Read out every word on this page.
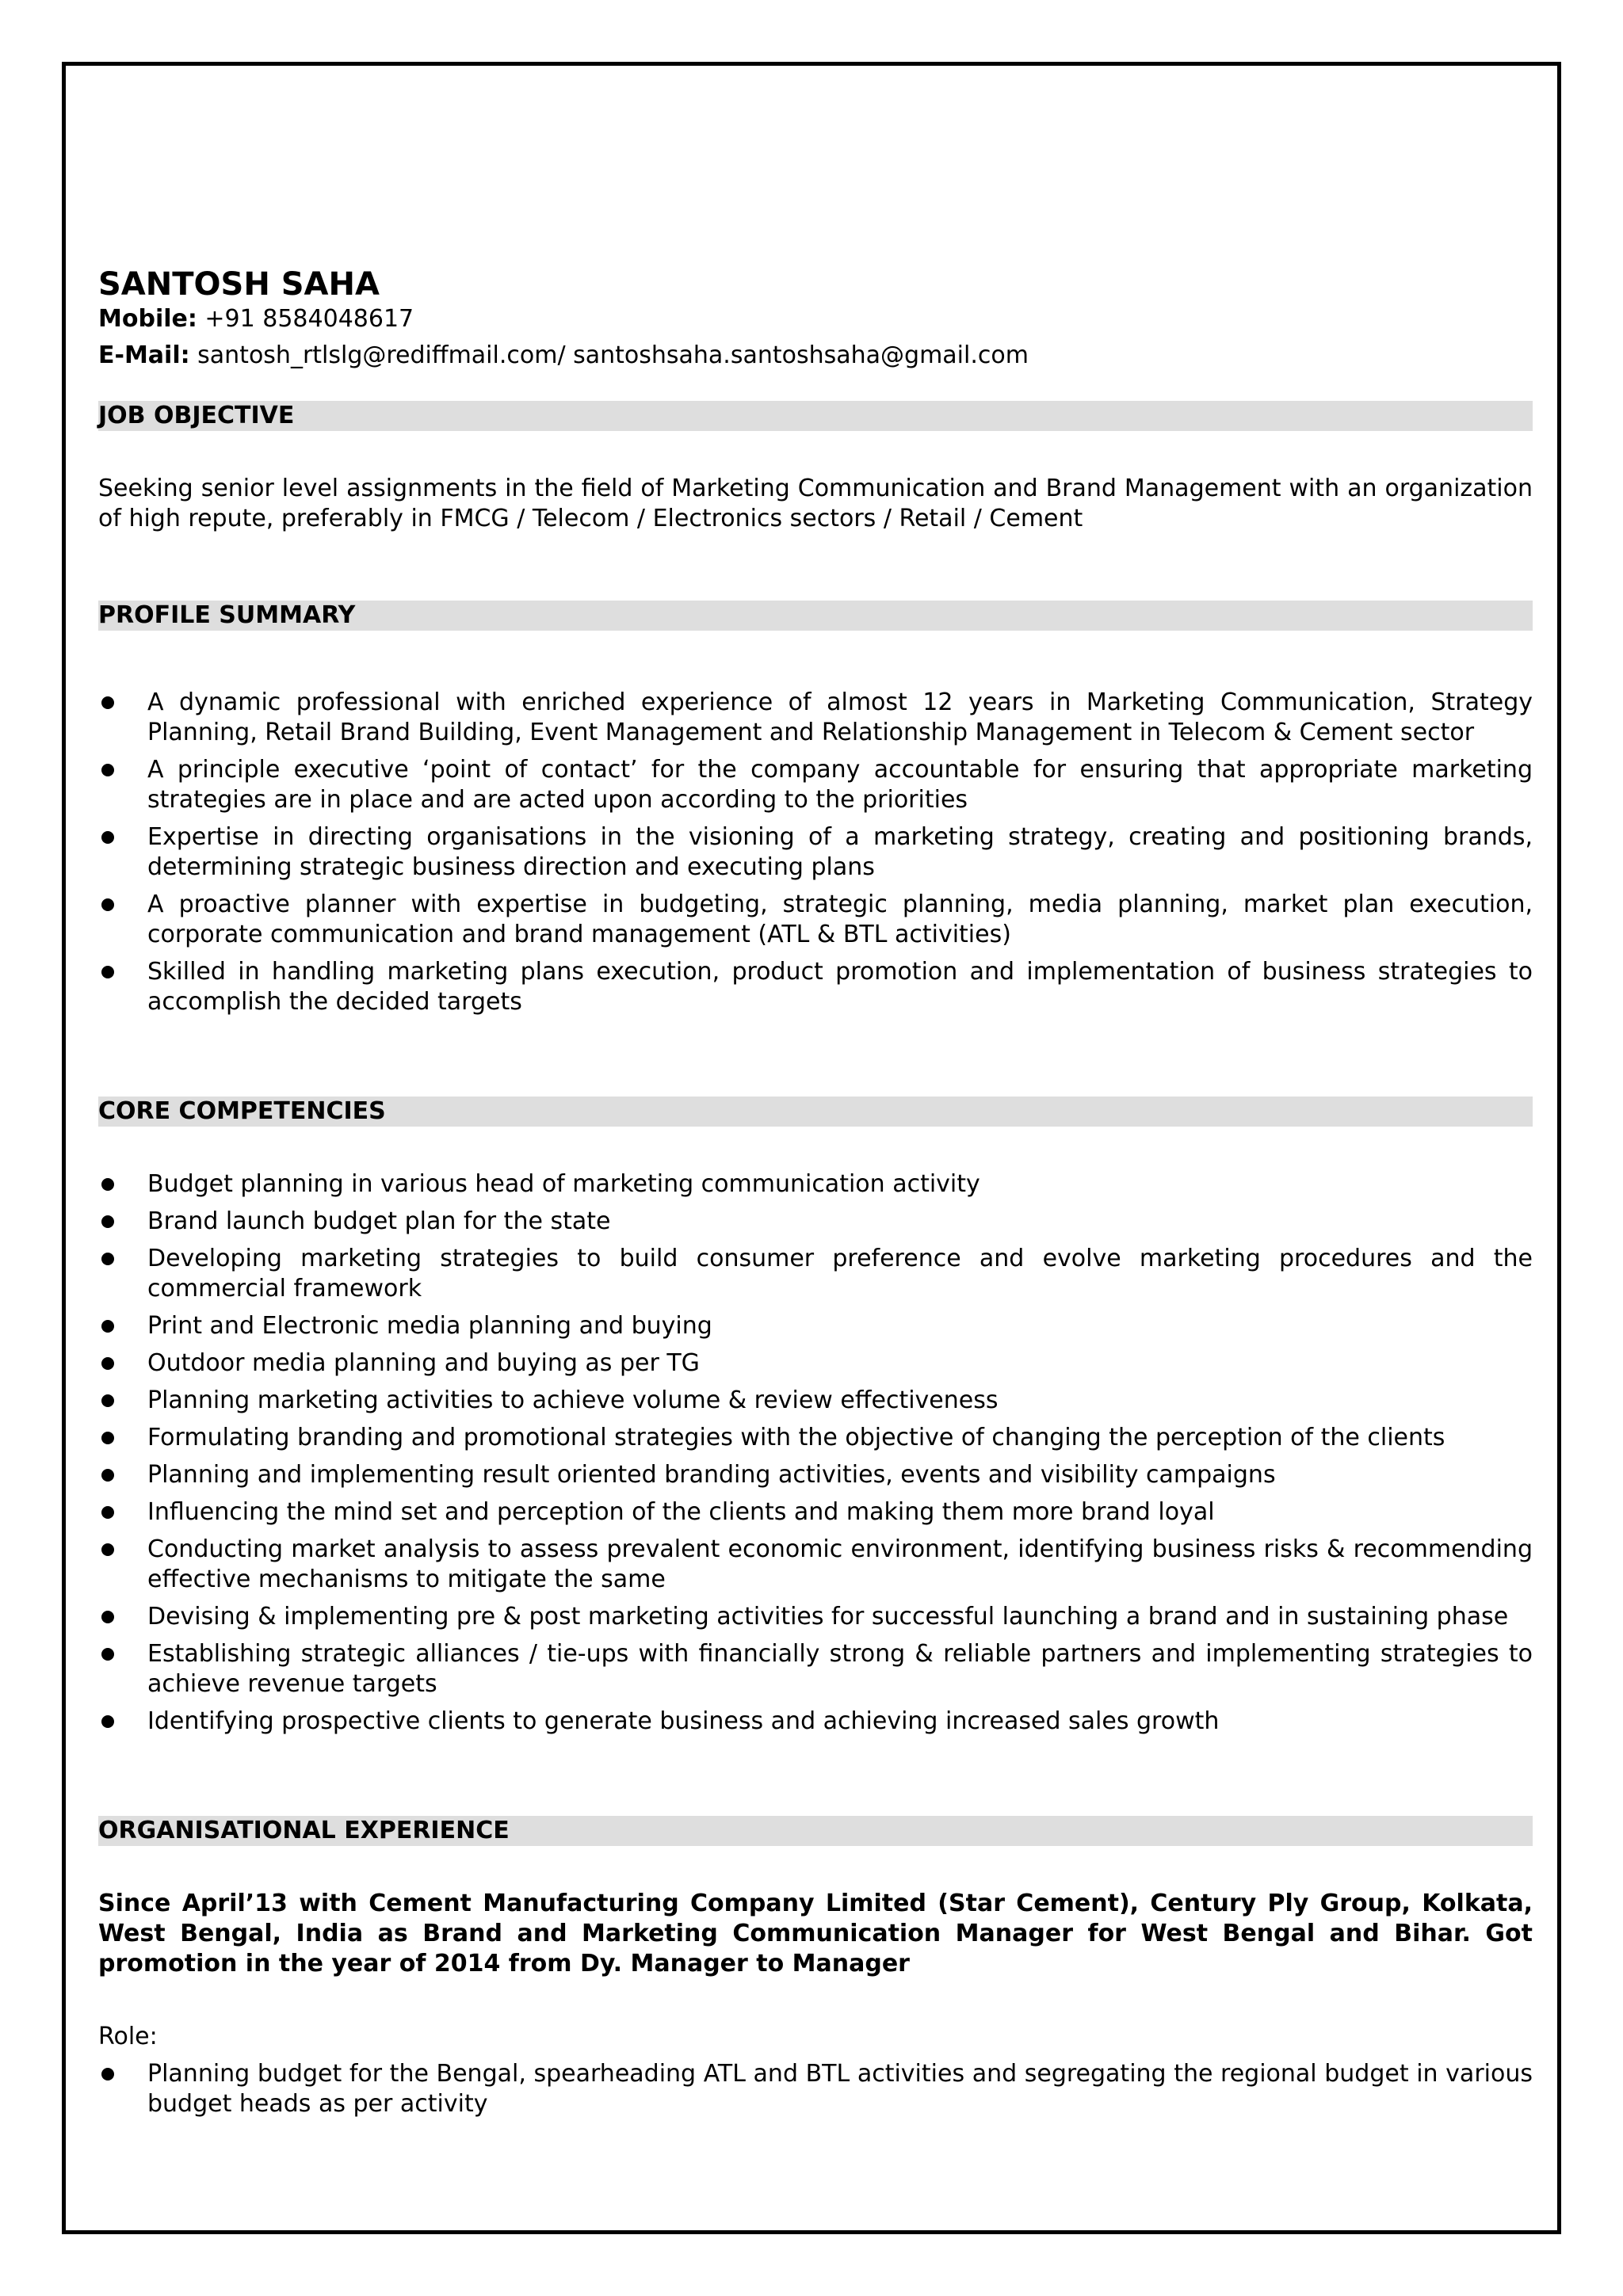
SANTOSH SAHA

Mobile: +91 8584048617

E-Mail: santosh_rtlslg@rediffmail.com/ santoshsaha.santoshsaha@gmail.com

JOB OBJECTIVE

Seeking senior level assignments in the field of Marketing Communication and Brand Management with an organization of high repute, preferably in FMCG / Telecom / Electronics sectors / Retail / Cement

PROFILE SUMMARY
A dynamic professional with enriched experience of almost 12 years in Marketing Communication, Strategy Planning, Retail Brand Building, Event Management and Relationship Management in Telecom & Cement sector
A principle executive ‘point of contact’ for the company accountable for ensuring that appropriate marketing strategies are in place and are acted upon according to the priorities
Expertise in directing organisations in the visioning of a marketing strategy, creating and positioning brands, determining strategic business direction and executing plans
A proactive planner with expertise in budgeting, strategic planning, media planning, market plan execution, corporate communication and brand management (ATL & BTL activities)
Skilled in handling marketing plans execution, product promotion and implementation of business strategies to accomplish the decided targets
CORE COMPETENCIES
Budget planning in various head of marketing communication activity
Brand launch budget plan for the state
Developing marketing strategies to build consumer preference and evolve marketing procedures and the commercial framework
Print and Electronic media planning and buying
Outdoor media planning and buying as per TG
Planning marketing activities to achieve volume & review effectiveness
Formulating branding and promotional strategies with the objective of changing the perception of the clients
Planning and implementing result oriented branding activities, events and visibility campaigns
Influencing the mind set and perception of the clients and making them more brand loyal
Conducting market analysis to assess prevalent economic environment, identifying business risks & recommending effective mechanisms to mitigate the same
Devising & implementing pre & post marketing activities for successful launching a brand and in sustaining phase
Establishing strategic alliances / tie-ups with financially strong & reliable partners and implementing strategies to achieve revenue targets
Identifying prospective clients to generate business and achieving increased sales growth
ORGANISATIONAL EXPERIENCE

Since April’13 with Cement Manufacturing Company Limited (Star Cement), Century Ply Group, Kolkata, West Bengal, India as Brand and Marketing Communication Manager for West Bengal and Bihar. Got promotion in the year of 2014 from Dy. Manager to Manager

Role:

Planning budget for the Bengal, spearheading ATL and BTL activities and segregating the regional budget in various budget heads as per activity
